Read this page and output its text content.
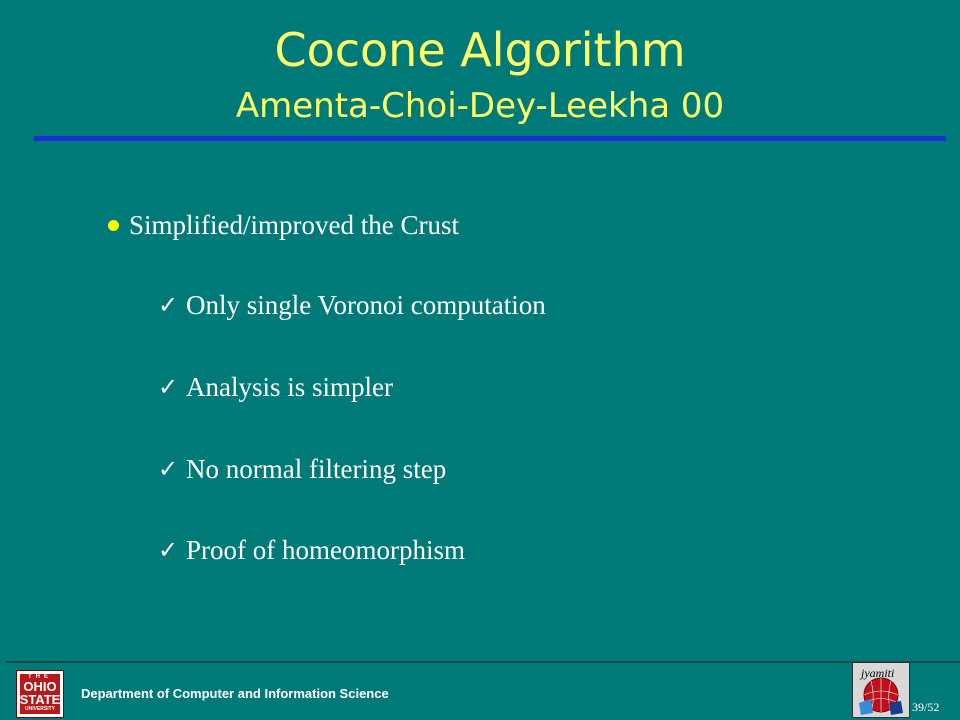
Cocone Algorithm
Amenta-Choi-Dey-Leekha 00
Simplified/improved the Crust
✓ Only single Voronoi computation
✓ Analysis is simpler
✓ No normal filtering step
✓ Proof of homeomorphism
THE
OHIO
STATE
UNIVERSITY
Department of Computer and Information Science
jyamiti
39/52
